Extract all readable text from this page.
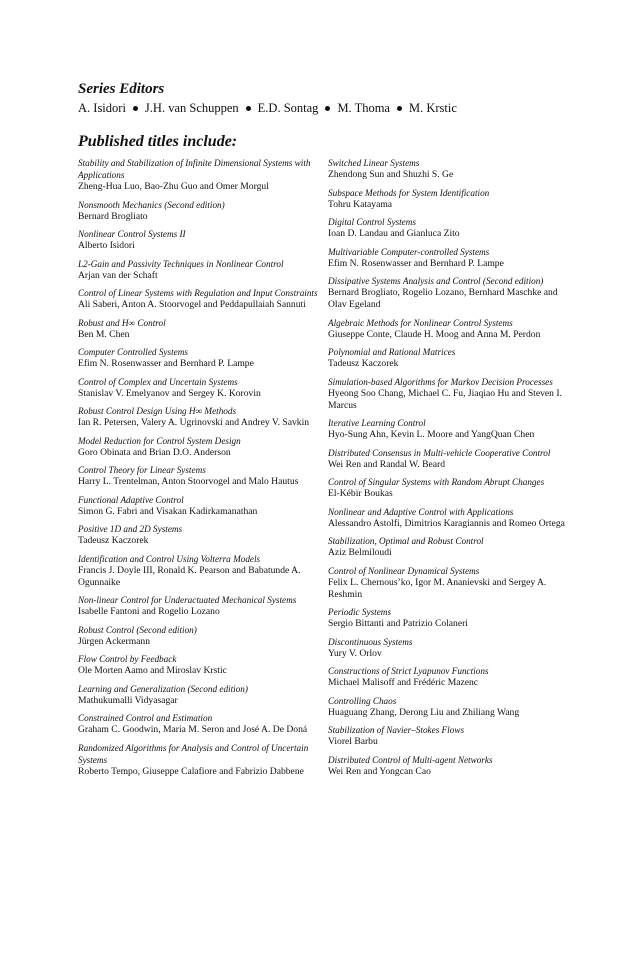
Series Editors
A. Isidori J.H. van Schuppen E.D. Sontag M. Thoma M. Krstic
Published titles include:
Stability and Stabilization of Infinite Dimensional Systems with Applications
Zheng-Hua Luo, Bao-Zhu Guo and Omer Morgul
Nonsmooth Mechanics (Second edition)
Bernard Brogliato
Nonlinear Control Systems II
Alberto Isidori
L2-Gain and Passivity Techniques in Nonlinear Control
Arjan van der Schaft
Control of Linear Systems with Regulation and Input Constraints
Ali Saberi, Anton A. Stoorvogel and Peddapullaiah Sannuti
Robust and H∞ Control
Ben M. Chen
Computer Controlled Systems
Efim N. Rosenwasser and Bernhard P. Lampe
Control of Complex and Uncertain Systems
Stanislav V. Emelyanov and Sergey K. Korovin
Robust Control Design Using H∞ Methods
Ian R. Petersen, Valery A. Ugrinovski and Andrey V. Savkin
Model Reduction for Control System Design
Goro Obinata and Brian D.O. Anderson
Control Theory for Linear Systems
Harry L. Trentelman, Anton Stoorvogel and Malo Hautus
Functional Adaptive Control
Simon G. Fabri and Visakan Kadirkamanathan
Positive 1D and 2D Systems
Tadeusz Kaczorek
Identification and Control Using Volterra Models
Francis J. Doyle III, Ronald K. Pearson and Babatunde A. Ogunnaike
Non-linear Control for Underactuated Mechanical Systems
Isabelle Fantoni and Rogelio Lozano
Robust Control (Second edition)
Jürgen Ackermann
Flow Control by Feedback
Ole Morten Aamo and Miroslav Krstic
Learning and Generalization (Second edition)
Mathukumalli Vidyasagar
Constrained Control and Estimation
Graham C. Goodwin, Maria M. Seron and José A. De Doná
Randomized Algorithms for Analysis and Control of Uncertain Systems
Roberto Tempo, Giuseppe Calafiore and Fabrizio Dabbene
Switched Linear Systems
Zhendong Sun and Shuzhi S. Ge
Subspace Methods for System Identification
Tohru Katayama
Digital Control Systems
Ioan D. Landau and Gianluca Zito
Multivariable Computer-controlled Systems
Efim N. Rosenwasser and Bernhard P. Lampe
Dissipative Systems Analysis and Control (Second edition)
Bernard Brogliato, Rogelio Lozano, Bernhard Maschke and Olav Egeland
Algebraic Methods for Nonlinear Control Systems
Giuseppe Conte, Claude H. Moog and Anna M. Perdon
Polynomial and Rational Matrices
Tadeusz Kaczorek
Simulation-based Algorithms for Markov Decision Processes
Hyeong Soo Chang, Michael C. Fu, Jiaqiao Hu and Steven I. Marcus
Iterative Learning Control
Hyo-Sung Ahn, Kevin L. Moore and YangQuan Chen
Distributed Consensus in Multi-vehicle Cooperative Control
Wei Ren and Randal W. Beard
Control of Singular Systems with Random Abrupt Changes
El-Kébir Boukas
Nonlinear and Adaptive Control with Applications
Alessandro Astolfi, Dimitrios Karagiannis and Romeo Ortega
Stabilization, Optimal and Robust Control
Aziz Belmiloudi
Control of Nonlinear Dynamical Systems
Felix L. Chernous’ko, Igor M. Ananievski and Sergey A. Reshmin
Periodic Systems
Sergio Bittanti and Patrizio Colaneri
Discontinuous Systems
Yury V. Orlov
Constructions of Strict Lyapunov Functions
Michael Malisoff and Frédéric Mazenc
Controlling Chaos
Huaguang Zhang, Derong Liu and Zhiliang Wang
Stabilization of Navier–Stokes Flows
Viorel Barbu
Distributed Control of Multi-agent Networks
Wei Ren and Yongcan Cao
